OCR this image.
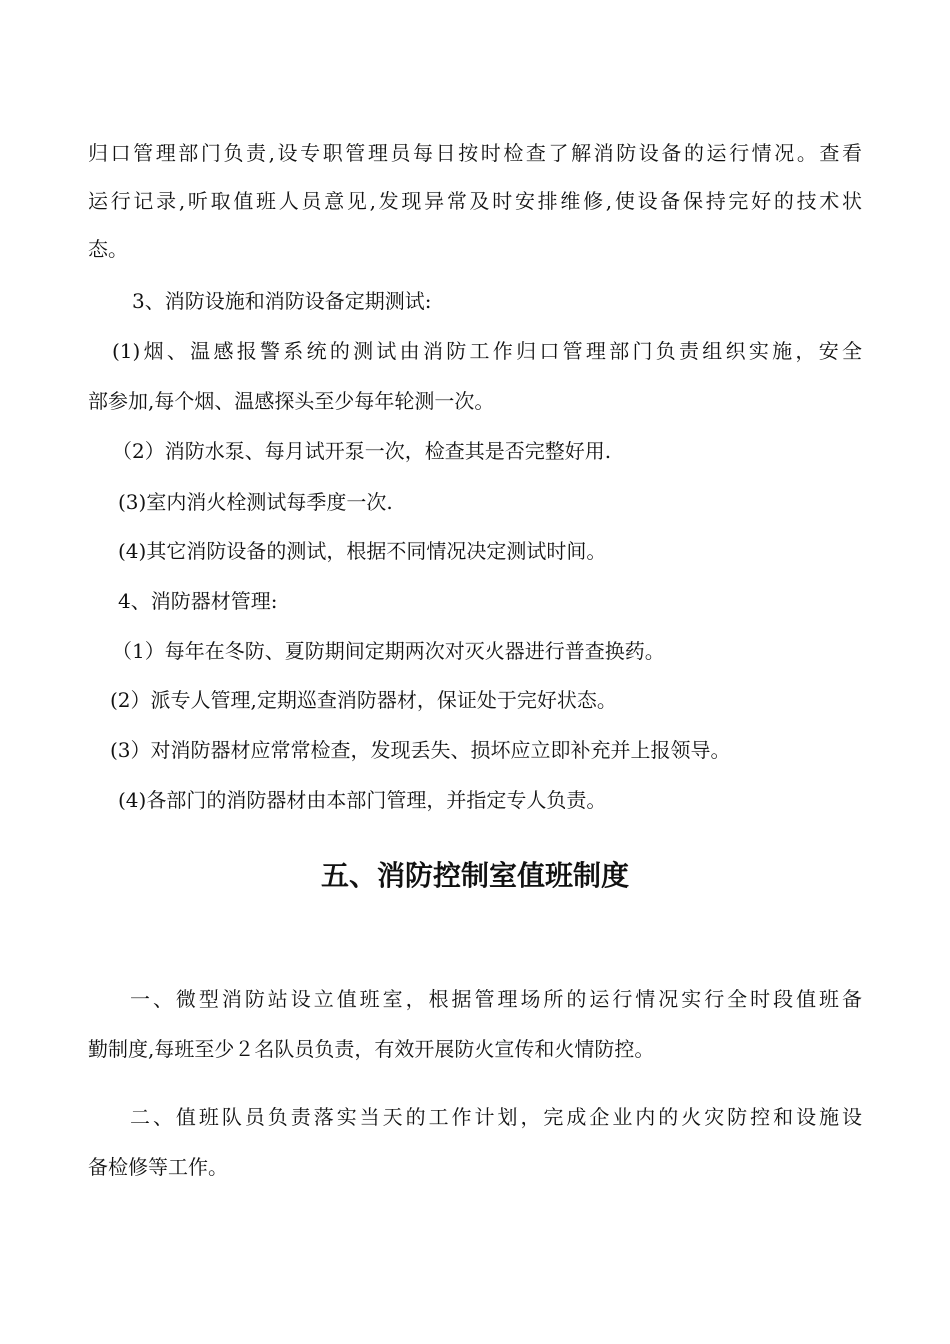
归口管理部门负责,设专职管理员每日按时检查了解消防设备的运行情况。查看
运行记录,听取值班人员意见,发现异常及时安排维修,使设备保持完好的技术状
态。
3、消防设施和消防设备定期测试:
(1)烟、温感报警系统的测试由消防工作归口管理部门负责组织实施，安全
部参加,每个烟、温感探头至少每年轮测一次。
（2）消防水泵、每月试开泵一次，检查其是否完整好用.
(3)室内消火栓测试每季度一次.
(4)其它消防设备的测试，根据不同情况决定测试时间。
4、消防器材管理:
（1）每年在冬防、夏防期间定期两次对灭火器进行普查换药。
(2）派专人管理,定期巡查消防器材，保证处于完好状态。
(3）对消防器材应常常检查，发现丢失、损坏应立即补充并上报领导。
(4)各部门的消防器材由本部门管理，并指定专人负责。
五、消防控制室值班制度
一、微型消防站设立值班室，根据管理场所的运行情况实行全时段值班备
勤制度,每班至少２名队员负责，有效开展防火宣传和火情防控。
二、值班队员负责落实当天的工作计划，完成企业内的火灾防控和设施设
备检修等工作。
